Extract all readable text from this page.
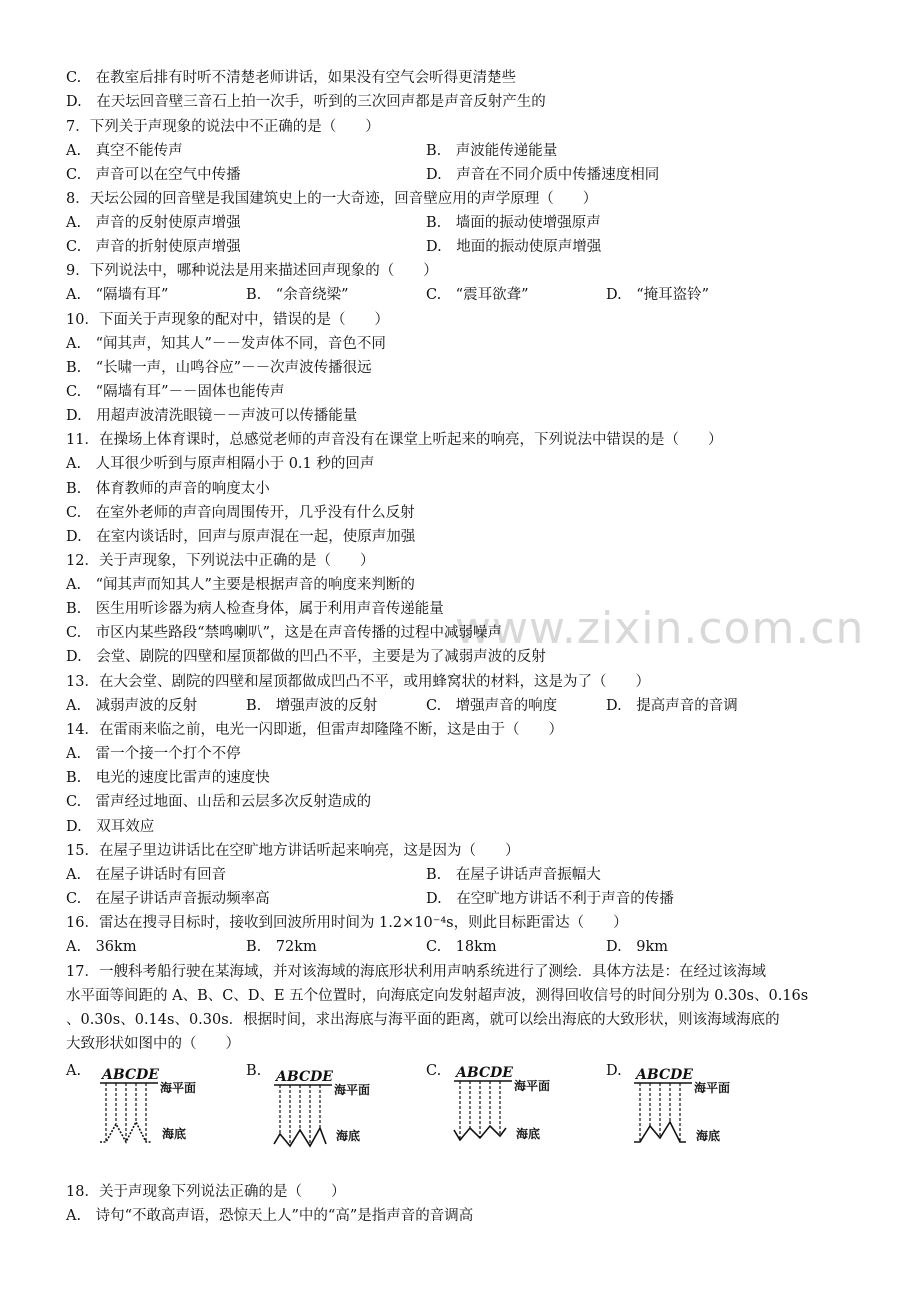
www.zixin.com.cn
C.　在教室后排有时听不清楚老师讲话，如果没有空气会听得更清楚些
D.　在天坛回音壁三音石上拍一次手，听到的三次回声都是声音反射产生的
7．下列关于声现象的说法中不正确的是（　　）
A.　真空不能传声	B.　声波能传递能量
C.　声音可以在空气中传播	D.　声音在不同介质中传播速度相同
8．天坛公园的回音壁是我国建筑史上的一大奇迹，回音壁应用的声学原理（　　）
A.　声音的反射使原声增强	B.　墙面的振动使增强原声
C.　声音的折射使原声增强	D.　地面的振动使原声增强
9．下列说法中，哪种说法是用来描述回声现象的（　　）
A.　“隔墙有耳”	B.　“余音绕梁”	C.　“震耳欲聋”	D.　“掩耳盗铃”
10．下面关于声现象的配对中，错误的是（　　）
A.　“闻其声，知其人”－－发声体不同，音色不同
B.　“长啸一声，山鸣谷应”－－次声波传播很远
C.　“隔墙有耳”－－固体也能传声
D.　用超声波清洗眼镜－－声波可以传播能量
11．在操场上体育课时，总感觉老师的声音没有在课堂上听起来的响亮，下列说法中错误的是（　　）
A.　人耳很少听到与原声相隔小于 0.1 秒的回声
B.　体育教师的声音的响度太小
C.　在室外老师的声音向周围传开，几乎没有什么反射
D.　在室内谈话时，回声与原声混在一起，使原声加强
12．关于声现象，下列说法中正确的是（　　）
A.　“闻其声而知其人”主要是根据声音的响度来判断的
B.　医生用听诊器为病人检查身体，属于利用声音传递能量
C.　市区内某些路段“禁鸣喇叭”，这是在声音传播的过程中减弱噪声
D.　会堂、剧院的四壁和屋顶都做的凹凸不平，主要是为了减弱声波的反射
13．在大会堂、剧院的四壁和屋顶都做成凹凸不平，或用蜂窝状的材料，这是为了（　　）
A.　减弱声波的反射	B.　增强声波的反射	C.　增强声音的响度	D.　提高声音的音调
14．在雷雨来临之前，电光一闪即逝，但雷声却隆隆不断，这是由于（　　）
A.　雷一个接一个打个不停
B.　电光的速度比雷声的速度快
C.　雷声经过地面、山岳和云层多次反射造成的
D.　双耳效应
15．在屋子里边讲话比在空旷地方讲话听起来响亮，这是因为（　　）
A.　在屋子讲话时有回音	B.　在屋子讲话声音振幅大
C.　在屋子讲话声音振动频率高	D.　在空旷地方讲话不利于声音的传播
16．雷达在搜寻目标时，接收到回波所用时间为 1.2×10⁻⁴s，则此目标距雷达（　　）
A.　36km	B.　72km	C.　18km	D.　9km
17．一艘科考船行驶在某海域，并对该海域的海底形状利用声呐系统进行了测绘．具体方法是：在经过该海域
水平面等间距的 A、B、C、D、E 五个位置时，向海底定向发射超声波，测得回收信号的时间分别为 0.30s、0.16s
、0.30s、0.14s、0.30s．根据时间，求出海底与海平面的距离，就可以绘出海底的大致形状，则该海域海底的
大致形状如图中的（　　）
A.	B.	C.	D.
ABCDE
海平面
海底
ABCDE
海平面
海底
ABCDE
海平面
海底
ABCDE
海平面
海底
18．关于声现象下列说法正确的是（　　）
A.　诗句“不敢高声语，恐惊天上人”中的“高”是指声音的音调高
